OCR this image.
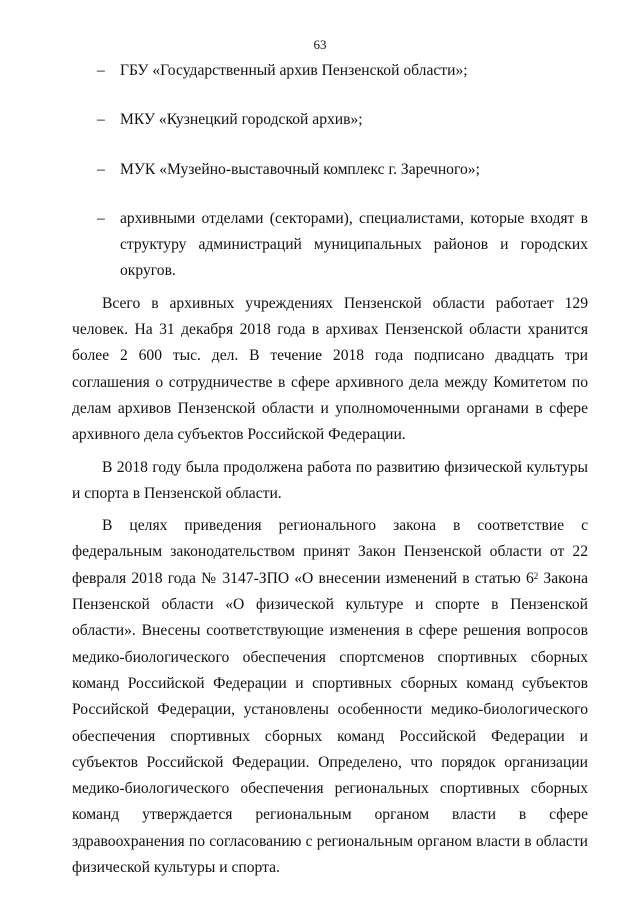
63
– ГБУ «Государственный архив Пензенской области»;
– МКУ «Кузнецкий городской архив»;
– МУК «Музейно-выставочный комплекс г. Заречного»;
– архивными отделами (секторами), специалистами, которые входят в структуру администраций муниципальных районов и городских округов.

Всего в архивных учреждениях Пензенской области работает 129 человек. На 31 декабря 2018 года в архивах Пензенской области хранится более 2 600 тыс. дел. В течение 2018 года подписано двадцать три соглашения о сотрудничестве в сфере архивного дела между Комитетом по делам архивов Пензенской области и уполномоченными органами в сфере архивного дела субъектов Российской Федерации.

В 2018 году была продолжена работа по развитию физической культуры и спорта в Пензенской области.

В целях приведения регионального закона в соответствие с федеральным законодательством принят Закон Пензенской области от 22 февраля 2018 года № 3147-ЗПО «О внесении изменений в статью $6^2$ Закона Пензенской области «О физической культуре и спорте в Пензенской области». Внесены соответствующие изменения в сфере решения вопросов медико-биологического обеспечения спортсменов спортивных сборных команд Российской Федерации и спортивных сборных команд субъектов Российской Федерации, установлены особенности медико-биологического обеспечения спортивных сборных команд Российской Федерации и субъектов Российской Федерации. Определено, что порядок организации медико-биологического обеспечения региональных спортивных сборных команд утверждается региональным органом власти в сфере здравоохранения по согласованию с региональным органом власти в области физической культуры и спорта.
